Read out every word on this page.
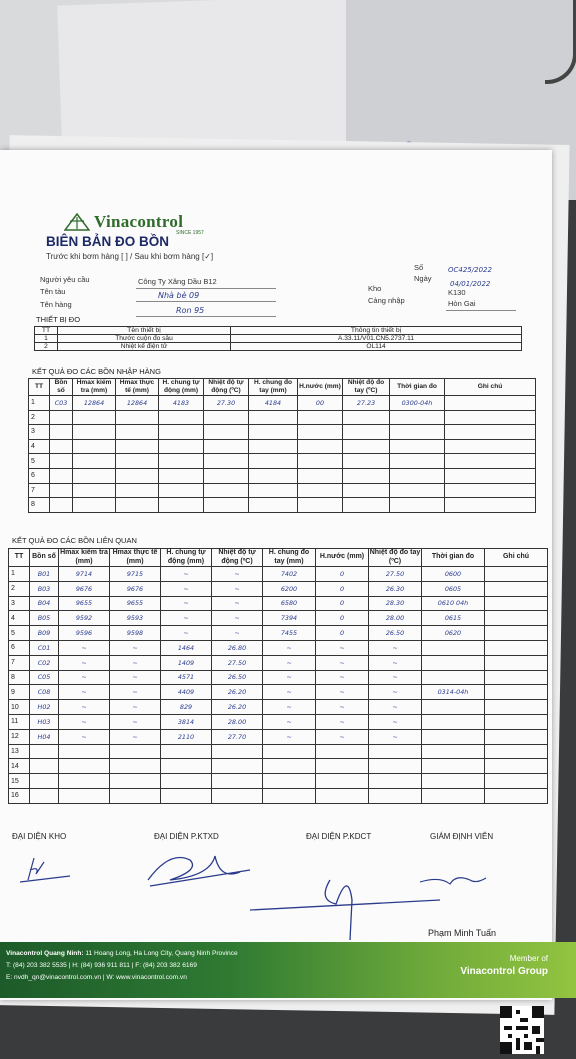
Vinacontrol
SINCE 1957
BIÊN BẢN ĐO BỒN
Trước khi bơm hàng [ ] / Sau khi bơm hàng [✓]
Số	OC425/2022
Ngày
04/01/2022
Người yêu cầu	Công Ty Xăng Dầu B12
Kho	K130
Tên tàu	Nhà bè 09
Cảng nhập	Hòn Gai
Tên hàng
Ron 95
THIẾT BỊ ĐO
TT	Tên thiết bị	Thông tin thiết bị
1	Thước cuộn đo sâu	A.33.11/V01.CN5.2737.11
2	Nhiệt kế điện tử	OL114
KẾT QUẢ ĐO CÁC BỒN NHẬP HÀNG
TT	Bồn số	Hmax kiểm tra (mm)	Hmax thực tế (mm)	H. chung tự động (mm)	Nhiệt độ tự động (ºC)	H. chung đo tay (mm)	H.nước (mm)	Nhiệt độ đo tay (ºC)	Thời gian đo	Ghi chú
1	C03	12864	12864	4183	27.30	4184	00	27.23	0300-04h	
2										
3										
4										
5										
6										
7										
8										
KẾT QUẢ ĐO CÁC BỒN LIÊN QUAN
TT	Bồn số	Hmax kiểm tra (mm)	Hmax thực tế (mm)	H. chung tự động (mm)	Nhiệt độ tự động (ºC)	H. chung đo tay (mm)	H.nước (mm)	Nhiệt độ đo tay (ºC)	Thời gian đo	Ghi chú
1	B01	9714	9715	~	~	7402	0	27.50	0600	
2	B03	9676	9676	~	~	6200	0	26.30	0605	
3	B04	9655	9655	~	~	6580	0	28.30	0610 04h	
4	B05	9592	9593	~	~	7394	0	28.00	0615	
5	B09	9596	9598	~	~	7455	0	26.50	0620	
6	C01	~	~	1464	26.80	~	~	~		
7	C02	~	~	1409	27.50	~	~	~		
8	C05	~	~	4571	26.50	~	~	~		
9	C08	~	~	4409	26.20	~	~	~	0314-04h	
10	H02	~	~	829	26.20	~	~	~		
11	H03	~	~	3814	28.00	~	~	~		
12	H04	~	~	2110	27.70	~	~	~		
13										
14										
15										
16										
ĐẠI DIỆN KHO	ĐẠI DIỆN P.KTXD	ĐẠI DIỆN P.KDCT	GIÁM ĐỊNH VIÊN
Phạm Minh Tuấn
Vinacontrol Quang Ninh: 11 Hoang Long, Ha Long City, Quang Ninh Province
T: (84) 203 382 5535 | H: (84) 936 911 811 | F: (84) 203 382 6169
E: nvdh_qn@vinacontrol.com.vn | W: www.vinacontrol.com.vn
Member of
Vinacontrol Group
